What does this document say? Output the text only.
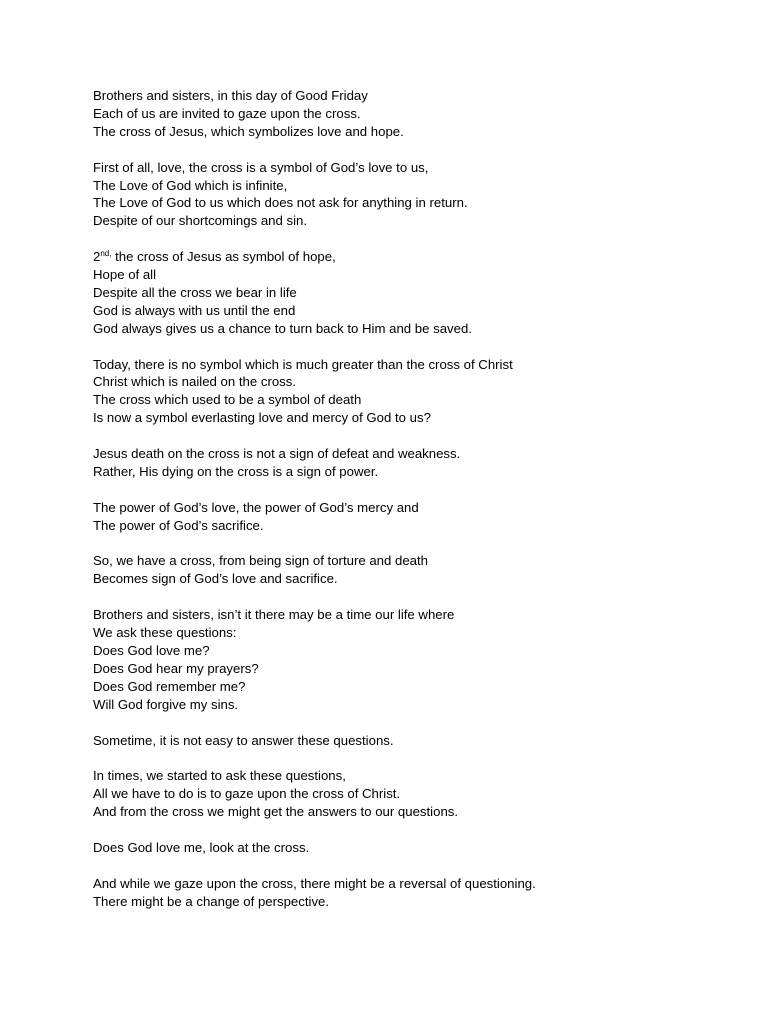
Brothers and sisters, in this day of Good Friday
Each of us are invited to gaze upon the cross.
The cross of Jesus, which symbolizes love and hope.
First of all, love, the cross is a symbol of God’s love to us,
The Love of God which is infinite,
The Love of God to us which does not ask for anything in return.
Despite of our shortcomings and sin.
$2^{nd,}$ the cross of Jesus as symbol of hope,
Hope of all
Despite all the cross we bear in life
God is always with us until the end
God always gives us a chance to turn back to Him and be saved.
Today, there is no symbol which is much greater than the cross of Christ
Christ which is nailed on the cross.
The cross which used to be a symbol of death
Is now a symbol everlasting love and mercy of God to us?
Jesus death on the cross is not a sign of defeat and weakness.
Rather, His dying on the cross is a sign of power.
The power of God’s love, the power of God’s mercy and
The power of God’s sacrifice.
So, we have a cross, from being sign of torture and death
Becomes sign of God’s love and sacrifice.
Brothers and sisters, isn’t it there may be a time our life where
We ask these questions:
Does God love me?
Does God hear my prayers?
Does God remember me?
Will God forgive my sins.
Sometime, it is not easy to answer these questions.
In times, we started to ask these questions,
All we have to do is to gaze upon the cross of Christ.
And from the cross we might get the answers to our questions.
Does God love me, look at the cross.
And while we gaze upon the cross, there might be a reversal of questioning.
There might be a change of perspective.
